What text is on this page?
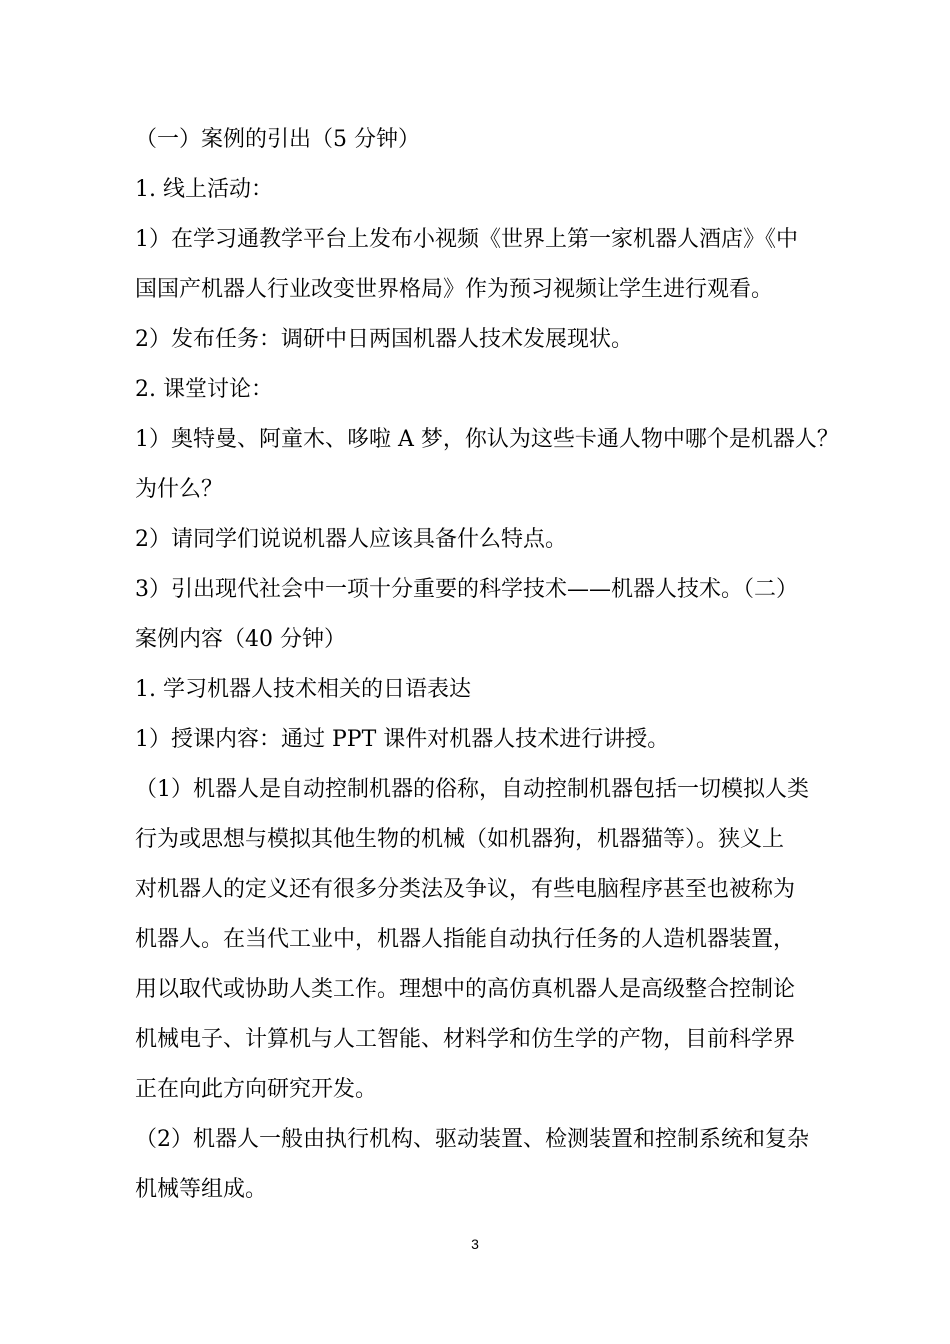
（一）案例的引出（5 分钟）
1. 线上活动：
1）在学习通教学平台上发布小视频《世界上第一家机器人酒店》《中
国国产机器人行业改变世界格局》作为预习视频让学生进行观看。
2）发布任务：调研中日两国机器人技术发展现状。
2. 课堂讨论：
1）奥特曼、阿童木、哆啦 A 梦，你认为这些卡通人物中哪个是机器人？
为什么？
2）请同学们说说机器人应该具备什么特点。
3）引出现代社会中一项十分重要的科学技术——机器人技术。（二）
案例内容（40 分钟）
1. 学习机器人技术相关的日语表达
1）授课内容：通过 PPT 课件对机器人技术进行讲授。
（1）机器人是自动控制机器的俗称，自动控制机器包括一切模拟人类
行为或思想与模拟其他生物的机械（如机器狗，机器猫等）。狭义上
对机器人的定义还有很多分类法及争议，有些电脑程序甚至也被称为
机器人。在当代工业中，机器人指能自动执行任务的人造机器装置，
用以取代或协助人类工作。理想中的高仿真机器人是高级整合控制论
机械电子、计算机与人工智能、材料学和仿生学的产物，目前科学界
正在向此方向研究开发。
（2）机器人一般由执行机构、驱动装置、检测装置和控制系统和复杂
机械等组成。
3
